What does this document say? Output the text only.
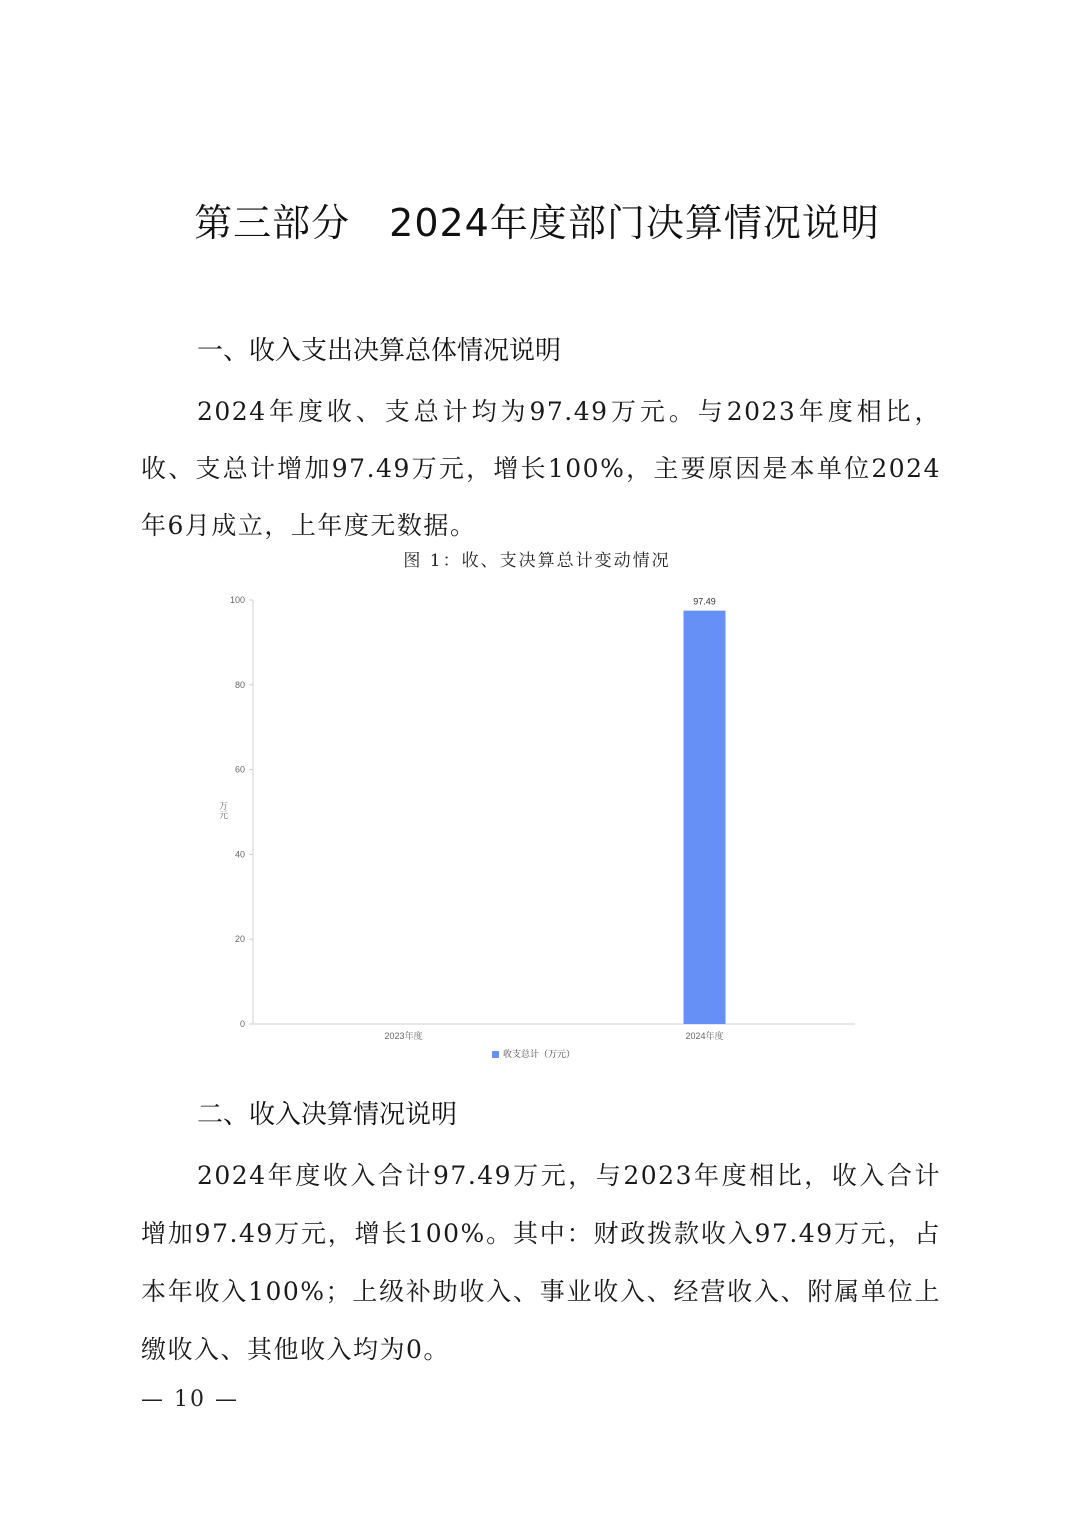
第三部分　2024年度部门决算情况说明
一、收入支出决算总体情况说明
2024年度收、支总计均为97.49万元。与2023年度相比，收、支总计增加97.49万元，增长100%，主要原因是本单位2024年6月成立，上年度无数据。
图 1：收、支决算总计变动情况
0
20
40
60
80
100
万元
2023年度	2024年度
97.49
收支总计（万元）
二、收入决算情况说明
2024年度收入合计97.49万元，与2023年度相比，收入合计增加97.49万元，增长100%。其中：财政拨款收入97.49万元，占本年收入100%；上级补助收入、事业收入、经营收入、附属单位上缴收入、其他收入均为0。
— 10 —
